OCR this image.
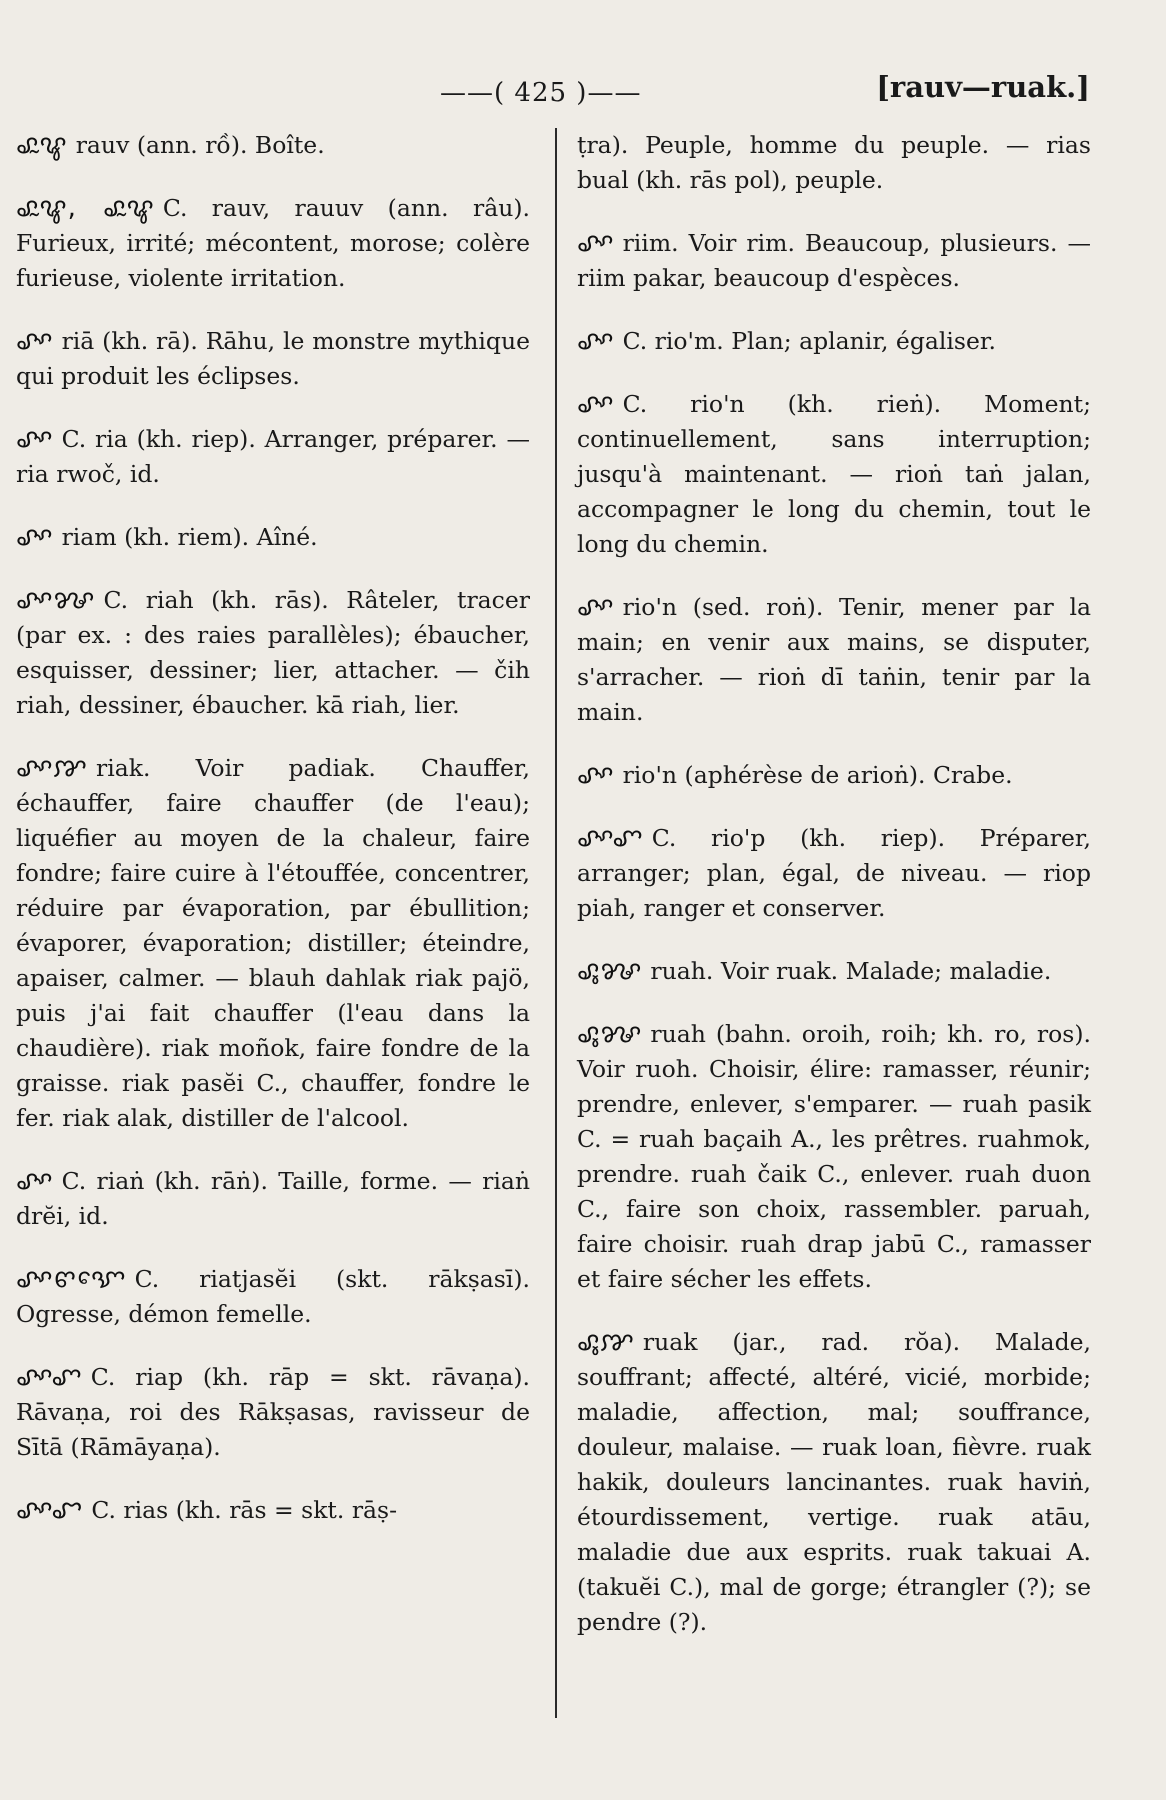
——( 425 )——	[rauv—ruak.]

ꨣꨭꨥ rauv (ann. rồ). Boîte.

ꨣꨭꨥ, ꨣꨭꨥ C. rauv, rauuv (ann. râu). Furieux, irrité; mécontent, morose; colère furieuse, violente irritation.

ꨣꨳ riā (kh. rā). Rāhu, le monstre mythique qui produit les éclipses.

ꨣꨳ C. ria (kh. riep). Arranger, préparer. — ria rwoč, id.

ꨣꨳ riam (kh. riem). Aîné.

ꨣꨳꨍ C. riah (kh. rās). Râteler, tracer (par ex. : des raies parallèles); ébaucher, esquisser, dessiner; lier, attacher. — čih riah, dessiner, ébaucher. kā riah, lier.

ꨣꨳꨇ riak. Voir padiak. Chauffer, échauffer, faire chauffer (de l'eau); liquéfier au moyen de la chaleur, faire fondre; faire cuire à l'étouffée, concentrer, réduire par évaporation, par ébullition; évaporer, évaporation; distiller; éteindre, apaiser, calmer. — blauh dahlak riak pajö, puis j'ai fait chauffer (l'eau dans la chaudière). riak moñok, faire fondre de la graisse. riak pasĕi C., chauffer, fondre le fer. riak alak, distiller de l'alcool.

ꨣꨳ C. riaṅ (kh. rāṅ). Taille, forme. — riaṅ drĕi, id.

ꨣꨳꨓꨎꨯ C. riatjasĕi (skt. rākṣasī). Ogresse, démon femelle.

ꨣꨳꨚ C. riap (kh. rāp = skt. rāvaṇa). Rāvaṇa, roi des Rākṣasas, ravisseur de Sītā (Rāmāyaṇa).

ꨣꨳꨧ C. rias (kh. rās = skt. rāṣ-

ṭra). Peuple, homme du peuple. — rias bual (kh. rās pol), peuple.

ꨣꨳ riim. Voir rim. Beaucoup, plusieurs. — riim pakar, beaucoup d'espèces.

ꨣꨳ C. rio'm. Plan; aplanir, égaliser.

ꨣꨳ C. rio'n (kh. rieṅ). Moment; continuellement, sans interruption; jusqu'à maintenant. — rioṅ taṅ jalan, accompagner le long du chemin, tout le long du chemin.

ꨣꨳ rio'n (sed. roṅ). Tenir, mener par la main; en venir aux mains, se disputer, s'arracher. — rioṅ dī taṅin, tenir par la main.

ꨣꨳ rio'n (aphérèse de arioṅ). Crabe.

ꨣꨳꨚ C. rio'p (kh. riep). Préparer, arranger; plan, égal, de niveau. — riop piah, ranger et conserver.

ꨣꨶꨍ ruah. Voir ruak. Malade; maladie.

ꨣꨶꨍ ruah (bahn. oroih, roih; kh. ro, ros). Voir ruoh. Choisir, élire: ramasser, réunir; prendre, enlever, s'emparer. — ruah pasik C. = ruah baçaih A., les prêtres. ruahmok, prendre. ruah čaik C., enlever. ruah duon C., faire son choix, rassembler. paruah, faire choisir. ruah drap jabū C., ramasser et faire sécher les effets.

ꨣꨶꨇ ruak (jar., rad. rŏa). Malade, souffrant; affecté, altéré, vicié, morbide; maladie, affection, mal; souffrance, douleur, malaise. — ruak loan, fièvre. ruak hakik, douleurs lancinantes. ruak haviṅ, étourdissement, vertige. ruak atāu, maladie due aux esprits. ruak takuai A. (takuĕi C.), mal de gorge; étrangler (?); se pendre (?).
